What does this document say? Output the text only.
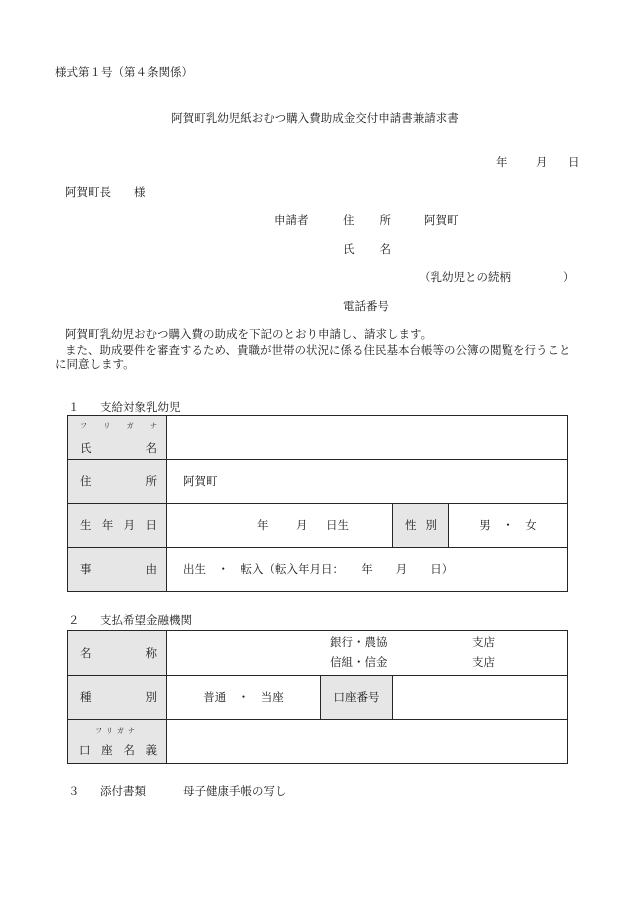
様式第１号（第４条関係）
阿賀町乳幼児紙おむつ購入費助成金交付申請書兼請求書
年 月 日
阿賀町長 様
申請者	住 所	阿賀町
氏 名
（乳幼児との続柄	）
電話番号
阿賀町乳幼児おむつ購入費の助成を下記のとおり申請し、請求します。
また、助成要件を審査するため、貴職が世帯の状況に係る住民基本台帳等の公簿の閲覧を行うこと
に同意します。
１ 支給対象乳幼児
フ リ ガ ナ
氏 名
住 所 阿賀町
生 年 月 日	年 月 日生	性 別	男　・　女
事 由 出生　・　転入（転入年月日：　　年　　月　　日）
２ 支払希望金融機関
名 称
銀行・農協	支店
信組・信金	支店
種 別	普通　・　当座	口座番号
フリガナ
口 座 名 義
３ 添付書類	母子健康手帳の写し
